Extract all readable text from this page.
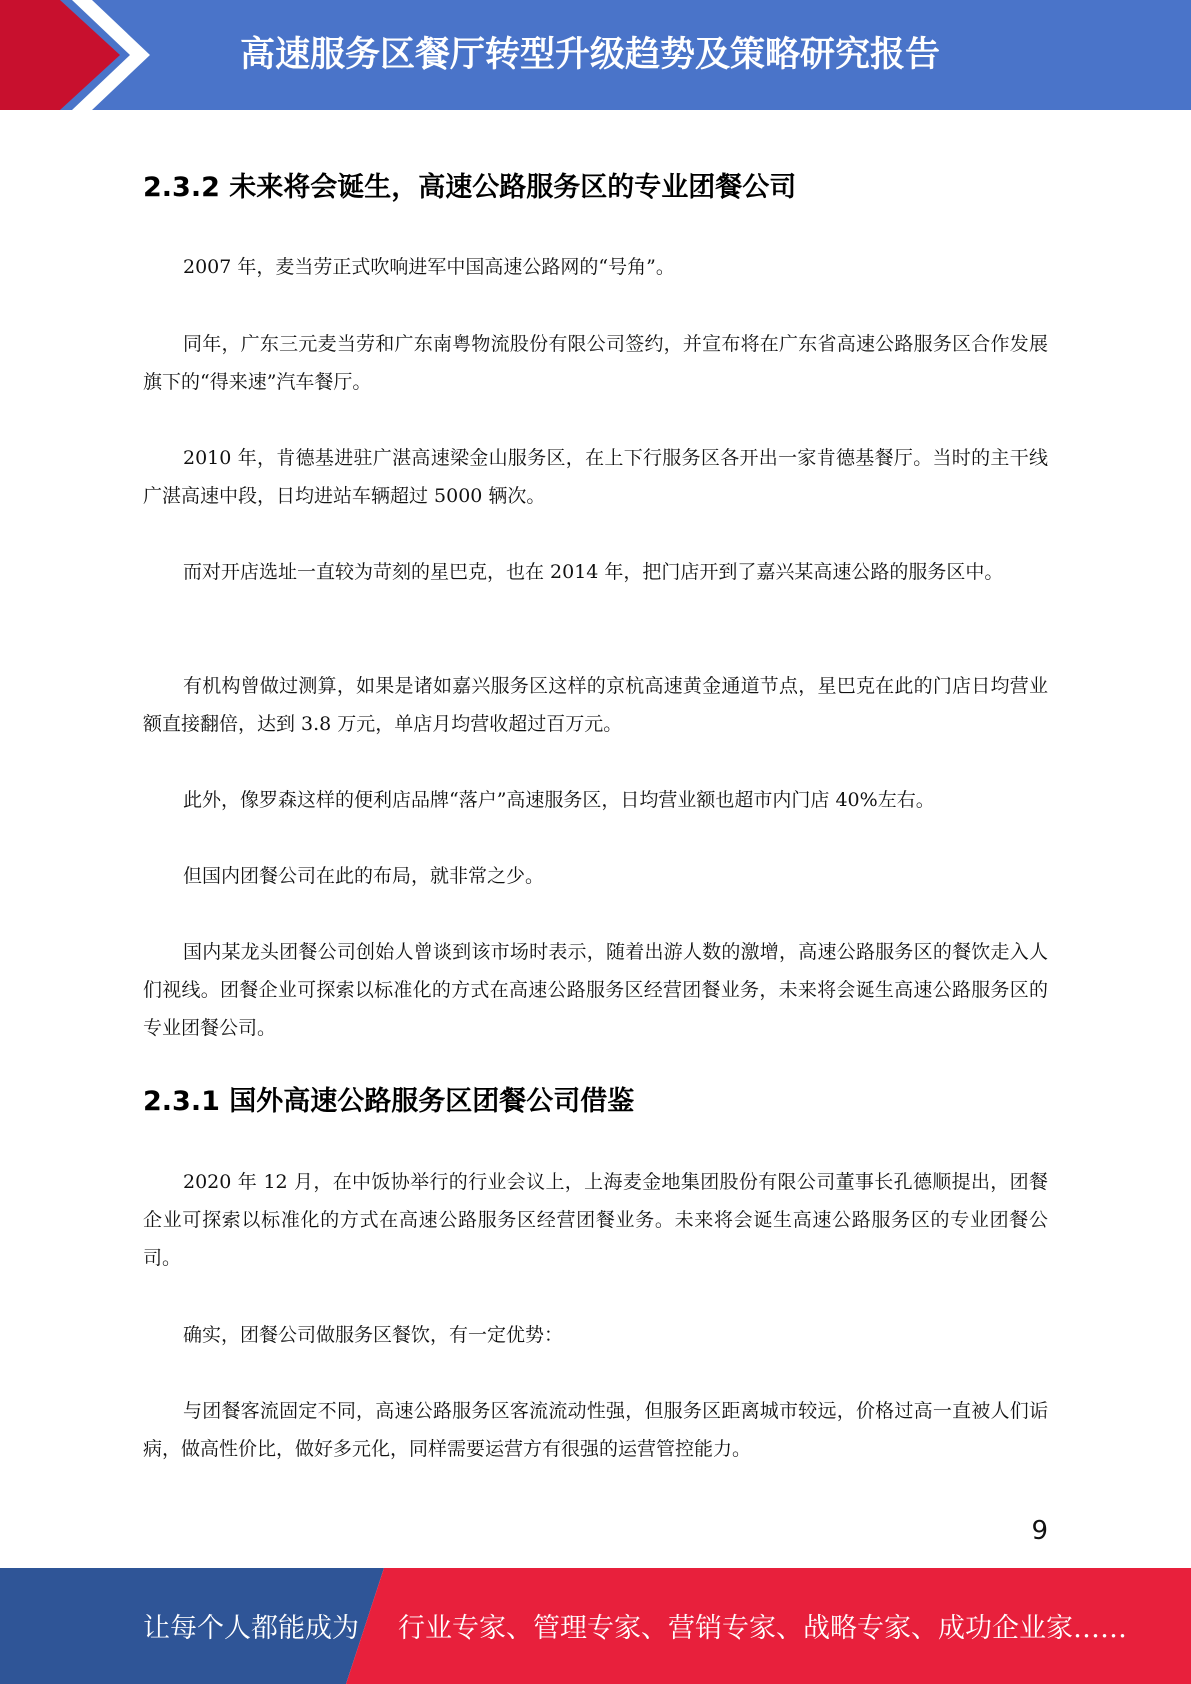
高速服务区餐厅转型升级趋势及策略研究报告
2.3.2 未来将会诞生，高速公路服务区的专业团餐公司

2007 年，麦当劳正式吹响进军中国高速公路网的“号角”。

同年，广东三元麦当劳和广东南粤物流股份有限公司签约，并宣布将在广东省高速公路服务区合作发展旗下的“得来速”汽车餐厅。

2010 年，肯德基进驻广湛高速梁金山服务区，在上下行服务区各开出一家肯德基餐厅。当时的主干线广湛高速中段，日均进站车辆超过 5000 辆次。

而对开店选址一直较为苛刻的星巴克，也在 2014 年，把门店开到了嘉兴某高速公路的服务区中。

有机构曾做过测算，如果是诸如嘉兴服务区这样的京杭高速黄金通道节点，星巴克在此的门店日均营业额直接翻倍，达到 3.8 万元，单店月均营收超过百万元。

此外，像罗森这样的便利店品牌“落户”高速服务区，日均营业额也超市内门店 40%左右。

但国内团餐公司在此的布局，就非常之少。

国内某龙头团餐公司创始人曾谈到该市场时表示，随着出游人数的激增，高速公路服务区的餐饮走入人们视线。团餐企业可探索以标准化的方式在高速公路服务区经营团餐业务，未来将会诞生高速公路服务区的专业团餐公司。

2.3.1 国外高速公路服务区团餐公司借鉴

2020 年 12 月，在中饭协举行的行业会议上，上海麦金地集团股份有限公司董事长孔德顺提出，团餐企业可探索以标准化的方式在高速公路服务区经营团餐业务。未来将会诞生高速公路服务区的专业团餐公司。

确实，团餐公司做服务区餐饮，有一定优势：

与团餐客流固定不同，高速公路服务区客流流动性强，但服务区距离城市较远，价格过高一直被人们诟病，做高性价比，做好多元化，同样需要运营方有很强的运营管控能力。

9
让每个人都能成为 行业专家、管理专家、营销专家、战略专家、成功企业家……
